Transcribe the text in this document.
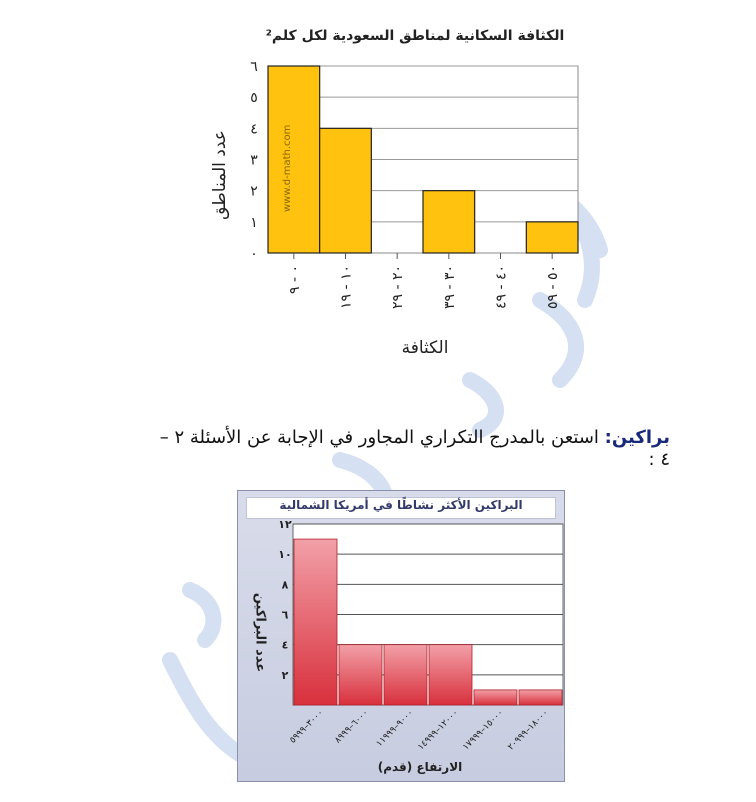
الكثافة السكانية لمناطق السعودية لكل كلم²
عدد المناطق
الكثافة
براكين: استعن بالمدرج التكراري المجاور في الإجابة عن الأسئلة ٢ – ٤ :
البراكين الأكثر نشاطًا في أمريكا الشمالية
عدد البراكين
الارتفاع (قدم)
٠
١
٢
٣
٤
٥
٦
٠ - ٩
١٠ - ١٩
٢٠ - ٢٩
٣٠ - ٣٩
٤٠ - ٤٩
٥٠ - ٥٩
٢
٤
٦
٨
١٠
١٢
٣٠٠٠–٥٩٩٩
٦٠٠٠–٨٩٩٩
٩٠٠٠–١١٩٩٩
١٢٠٠٠–١٤٩٩٩
١٥٠٠٠–١٧٩٩٩
١٨٠٠٠–٢٠٩٩٩
www.d-math.com
